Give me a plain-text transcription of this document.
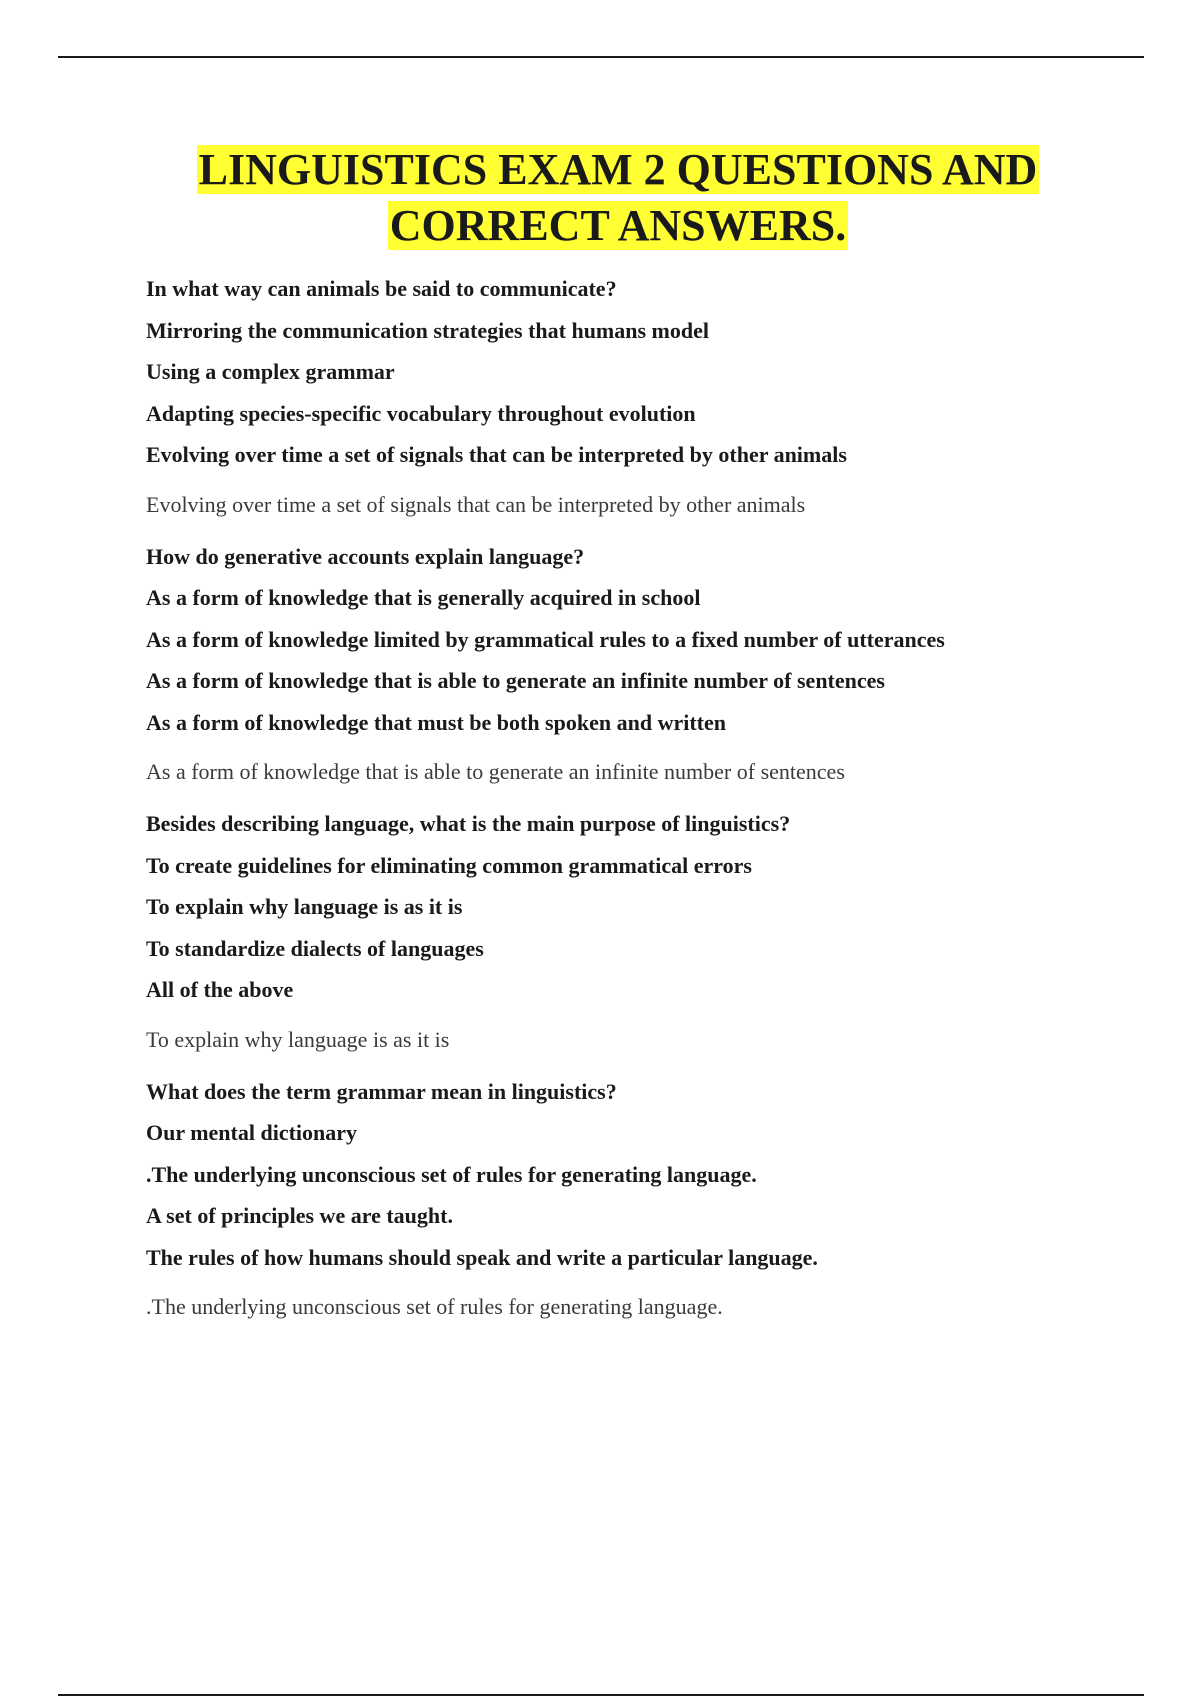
LINGUISTICS EXAM 2 QUESTIONS AND
CORRECT ANSWERS.

In what way can animals be said to communicate?

Mirroring the communication strategies that humans model

Using a complex grammar

Adapting species-specific vocabulary throughout evolution

Evolving over time a set of signals that can be interpreted by other animals

Evolving over time a set of signals that can be interpreted by other animals

How do generative accounts explain language?

As a form of knowledge that is generally acquired in school

As a form of knowledge limited by grammatical rules to a fixed number of utterances

As a form of knowledge that is able to generate an infinite number of sentences

As a form of knowledge that must be both spoken and written

As a form of knowledge that is able to generate an infinite number of sentences

Besides describing language, what is the main purpose of linguistics?

To create guidelines for eliminating common grammatical errors

To explain why language is as it is

To standardize dialects of languages

All of the above

To explain why language is as it is

What does the term grammar mean in linguistics?

Our mental dictionary

.The underlying unconscious set of rules for generating language.

A set of principles we are taught.

The rules of how humans should speak and write a particular language.

.The underlying unconscious set of rules for generating language.
